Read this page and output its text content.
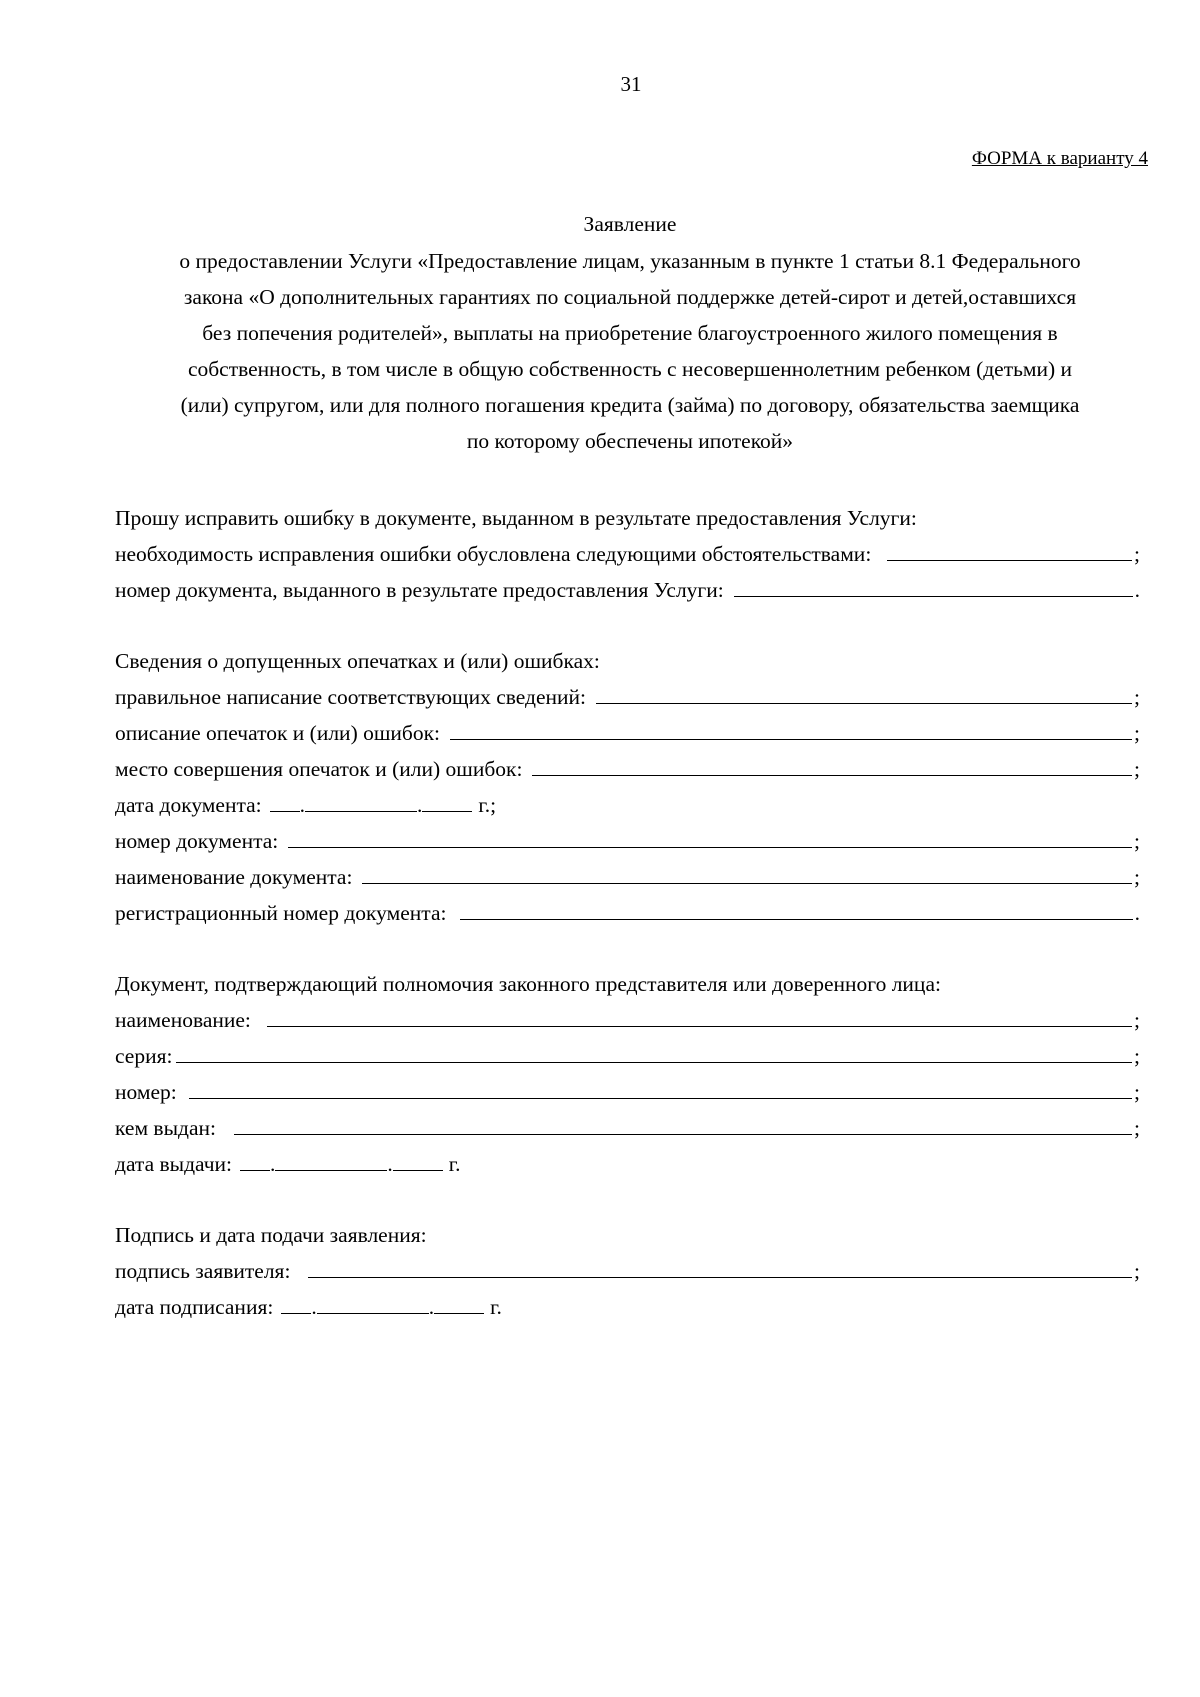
31
ФОРМА к варианту 4
Заявление
о предоставлении Услуги «Предоставление лицам, указанным в пункте 1 статьи 8.1 Федерального
закона «О дополнительных гарантиях по социальной поддержке детей-сирот и детей,оставшихся
без попечения родителей», выплаты на приобретение благоустроенного жилого помещения в
собственность, в том числе в общую собственность с несовершеннолетним ребенком (детьми) и
(или) супругом, или для полного погашения кредита (займа) по договору, обязательства заемщика
по которому обеспечены ипотекой»
Прошу исправить ошибку в документе, выданном в результате предоставления Услуги:
необходимость исправления ошибки обусловлена следующими обстоятельствами:	;
номер документа, выданного в результате предоставления Услуги:	.
Сведения о допущенных опечатках и (или) ошибках:
правильное написание соответствующих сведений:	;
описание опечаток и (или) ошибок:	;
место совершения опечаток и (или) ошибок:	;
дата документа: .	.	г.;
номер документа:	;
наименование документа:	;
регистрационный номер документа:	.
Документ, подтверждающий полномочия законного представителя или доверенного лица:
наименование:	;
серия:	;
номер:	;
кем выдан:	;
дата выдачи: .	.	г.
Подпись и дата подачи заявления:
подпись заявителя:	;
дата подписания: .	.	г.
